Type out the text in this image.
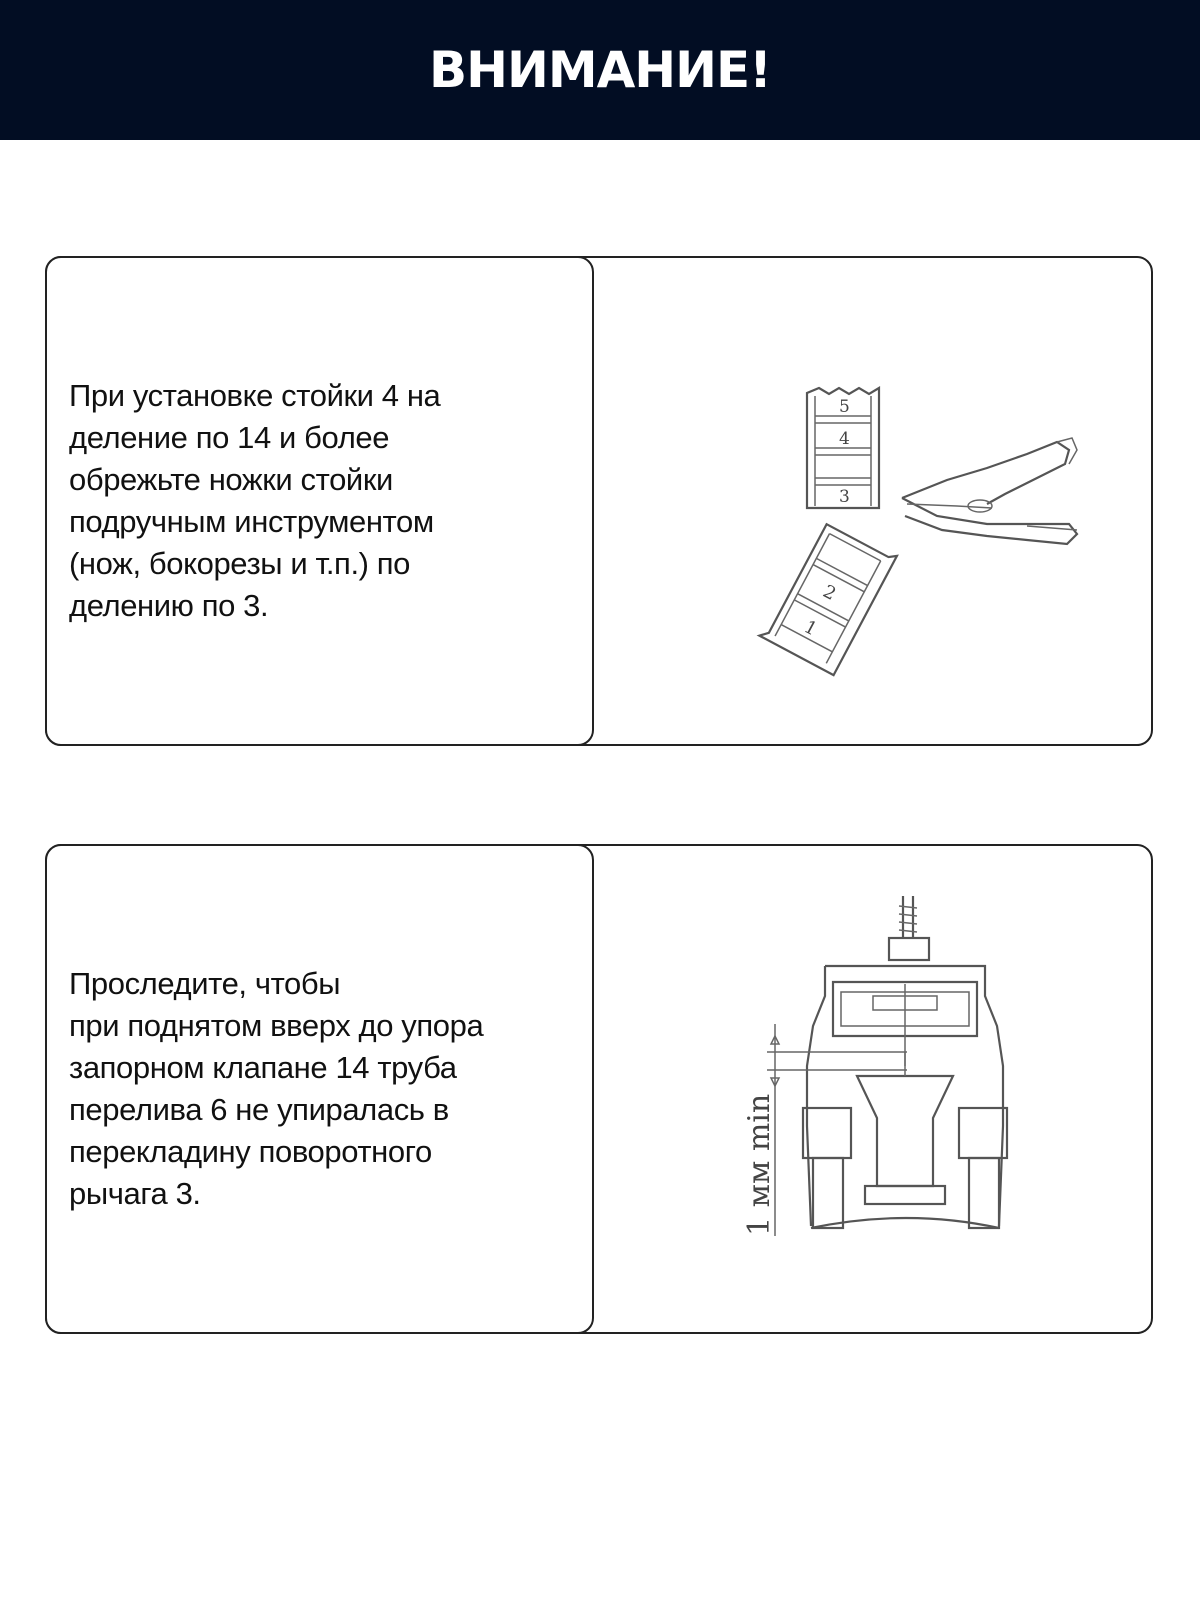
ВНИМАНИЕ!

При установке стойки 4 на
деление по 14 и более
обрежьте ножки стойки
подручным инструментом
(нож, бокорезы и т.п.) по
делению по 3.

5
4
3
2
1

Проследите, чтобы
при поднятом вверх до упора
запорном клапане 14 труба
перелива 6 не упиралась в
перекладину поворотного
рычага 3.	1 мм min
